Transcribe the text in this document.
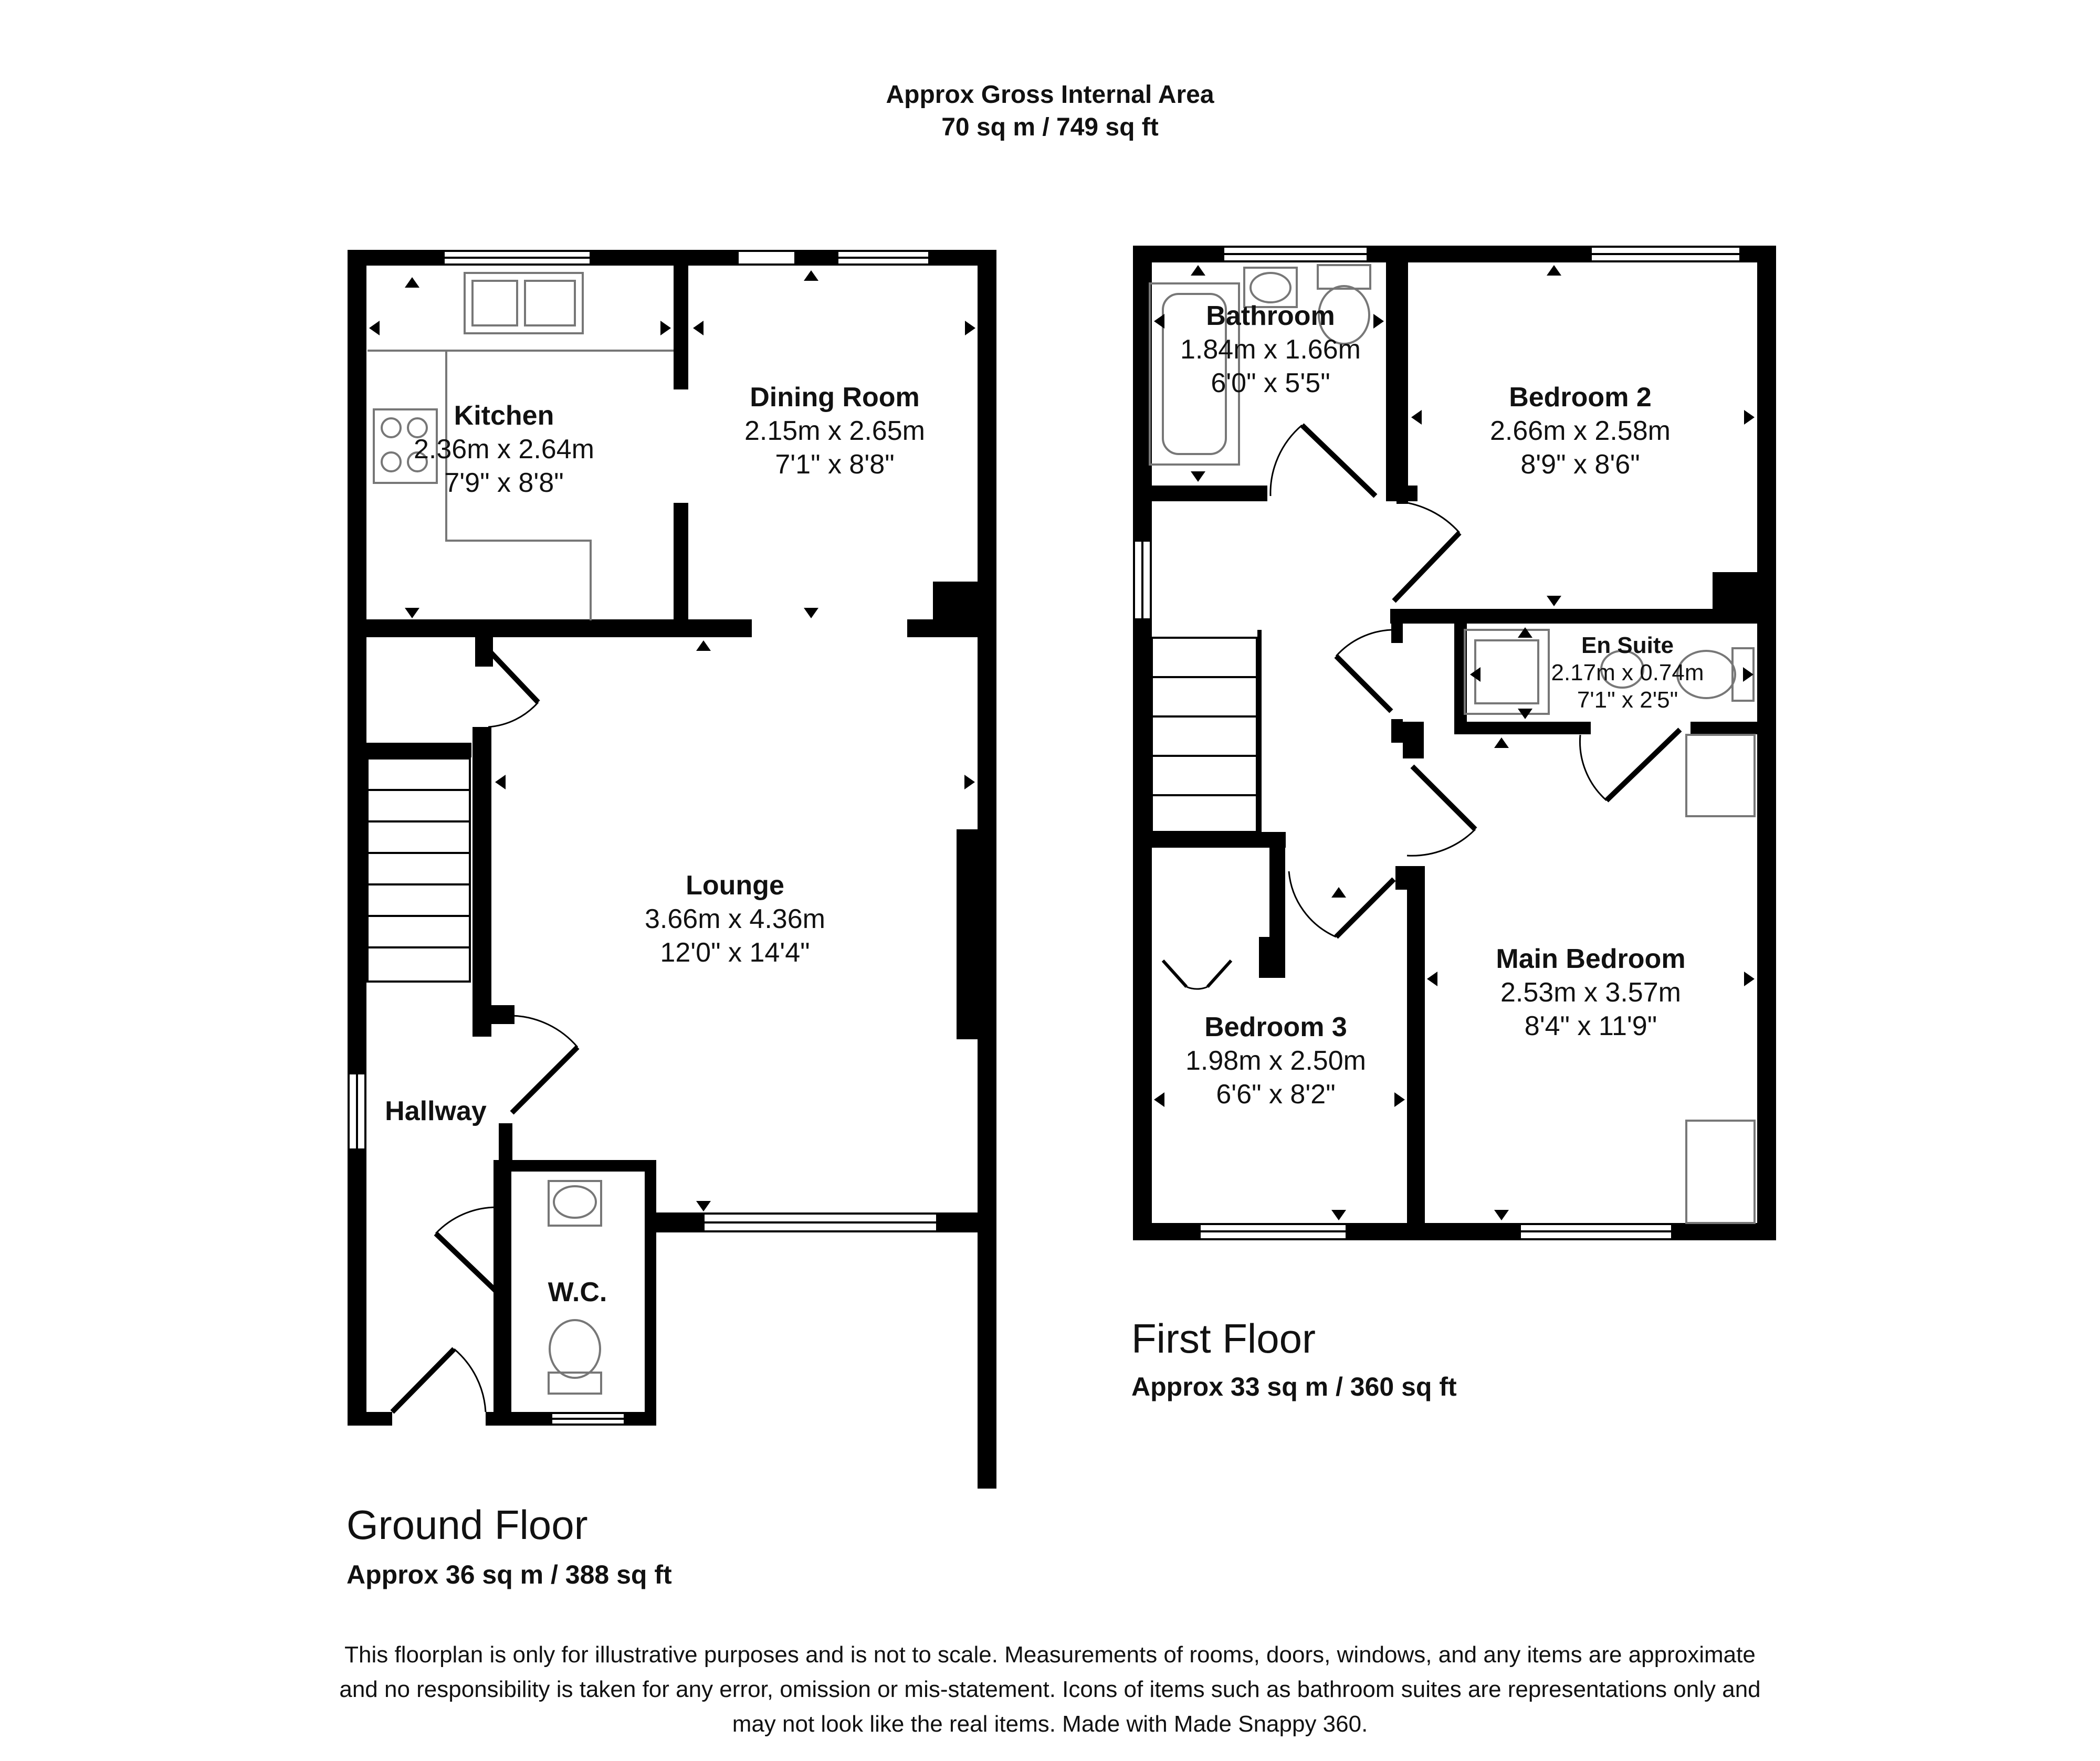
Approx Gross Internal Area
70 sq m / 749 sq ft
Kitchen
2.36m x 2.64m
7'9" x 8'8"
Dining Room
2.15m x 2.65m
7'1" x 8'8"
Lounge
3.66m x 4.36m
12'0" x 14'4"
Hallway
W.C.
Bathroom
1.84m x 1.66m
6'0" x 5'5"	Bedroom 2
2.66m x 2.58m
8'9" x 8'6"
En Suite
2.17m x 0.74m
7'1" x 2'5"
Main Bedroom
2.53m x 3.57m
8'4" x 11'9"
Bedroom 3
1.98m x 2.50m
6'6" x 8'2"
First Floor
Approx 33 sq m / 360 sq ft
Ground Floor
Approx 36 sq m / 388 sq ft
This floorplan is only for illustrative purposes and is not to scale. Measurements of rooms, doors, windows, and any items are approximate
and no responsibility is taken for any error, omission or mis-statement. Icons of items such as bathroom suites are representations only and
may not look like the real items. Made with Made Snappy 360.
